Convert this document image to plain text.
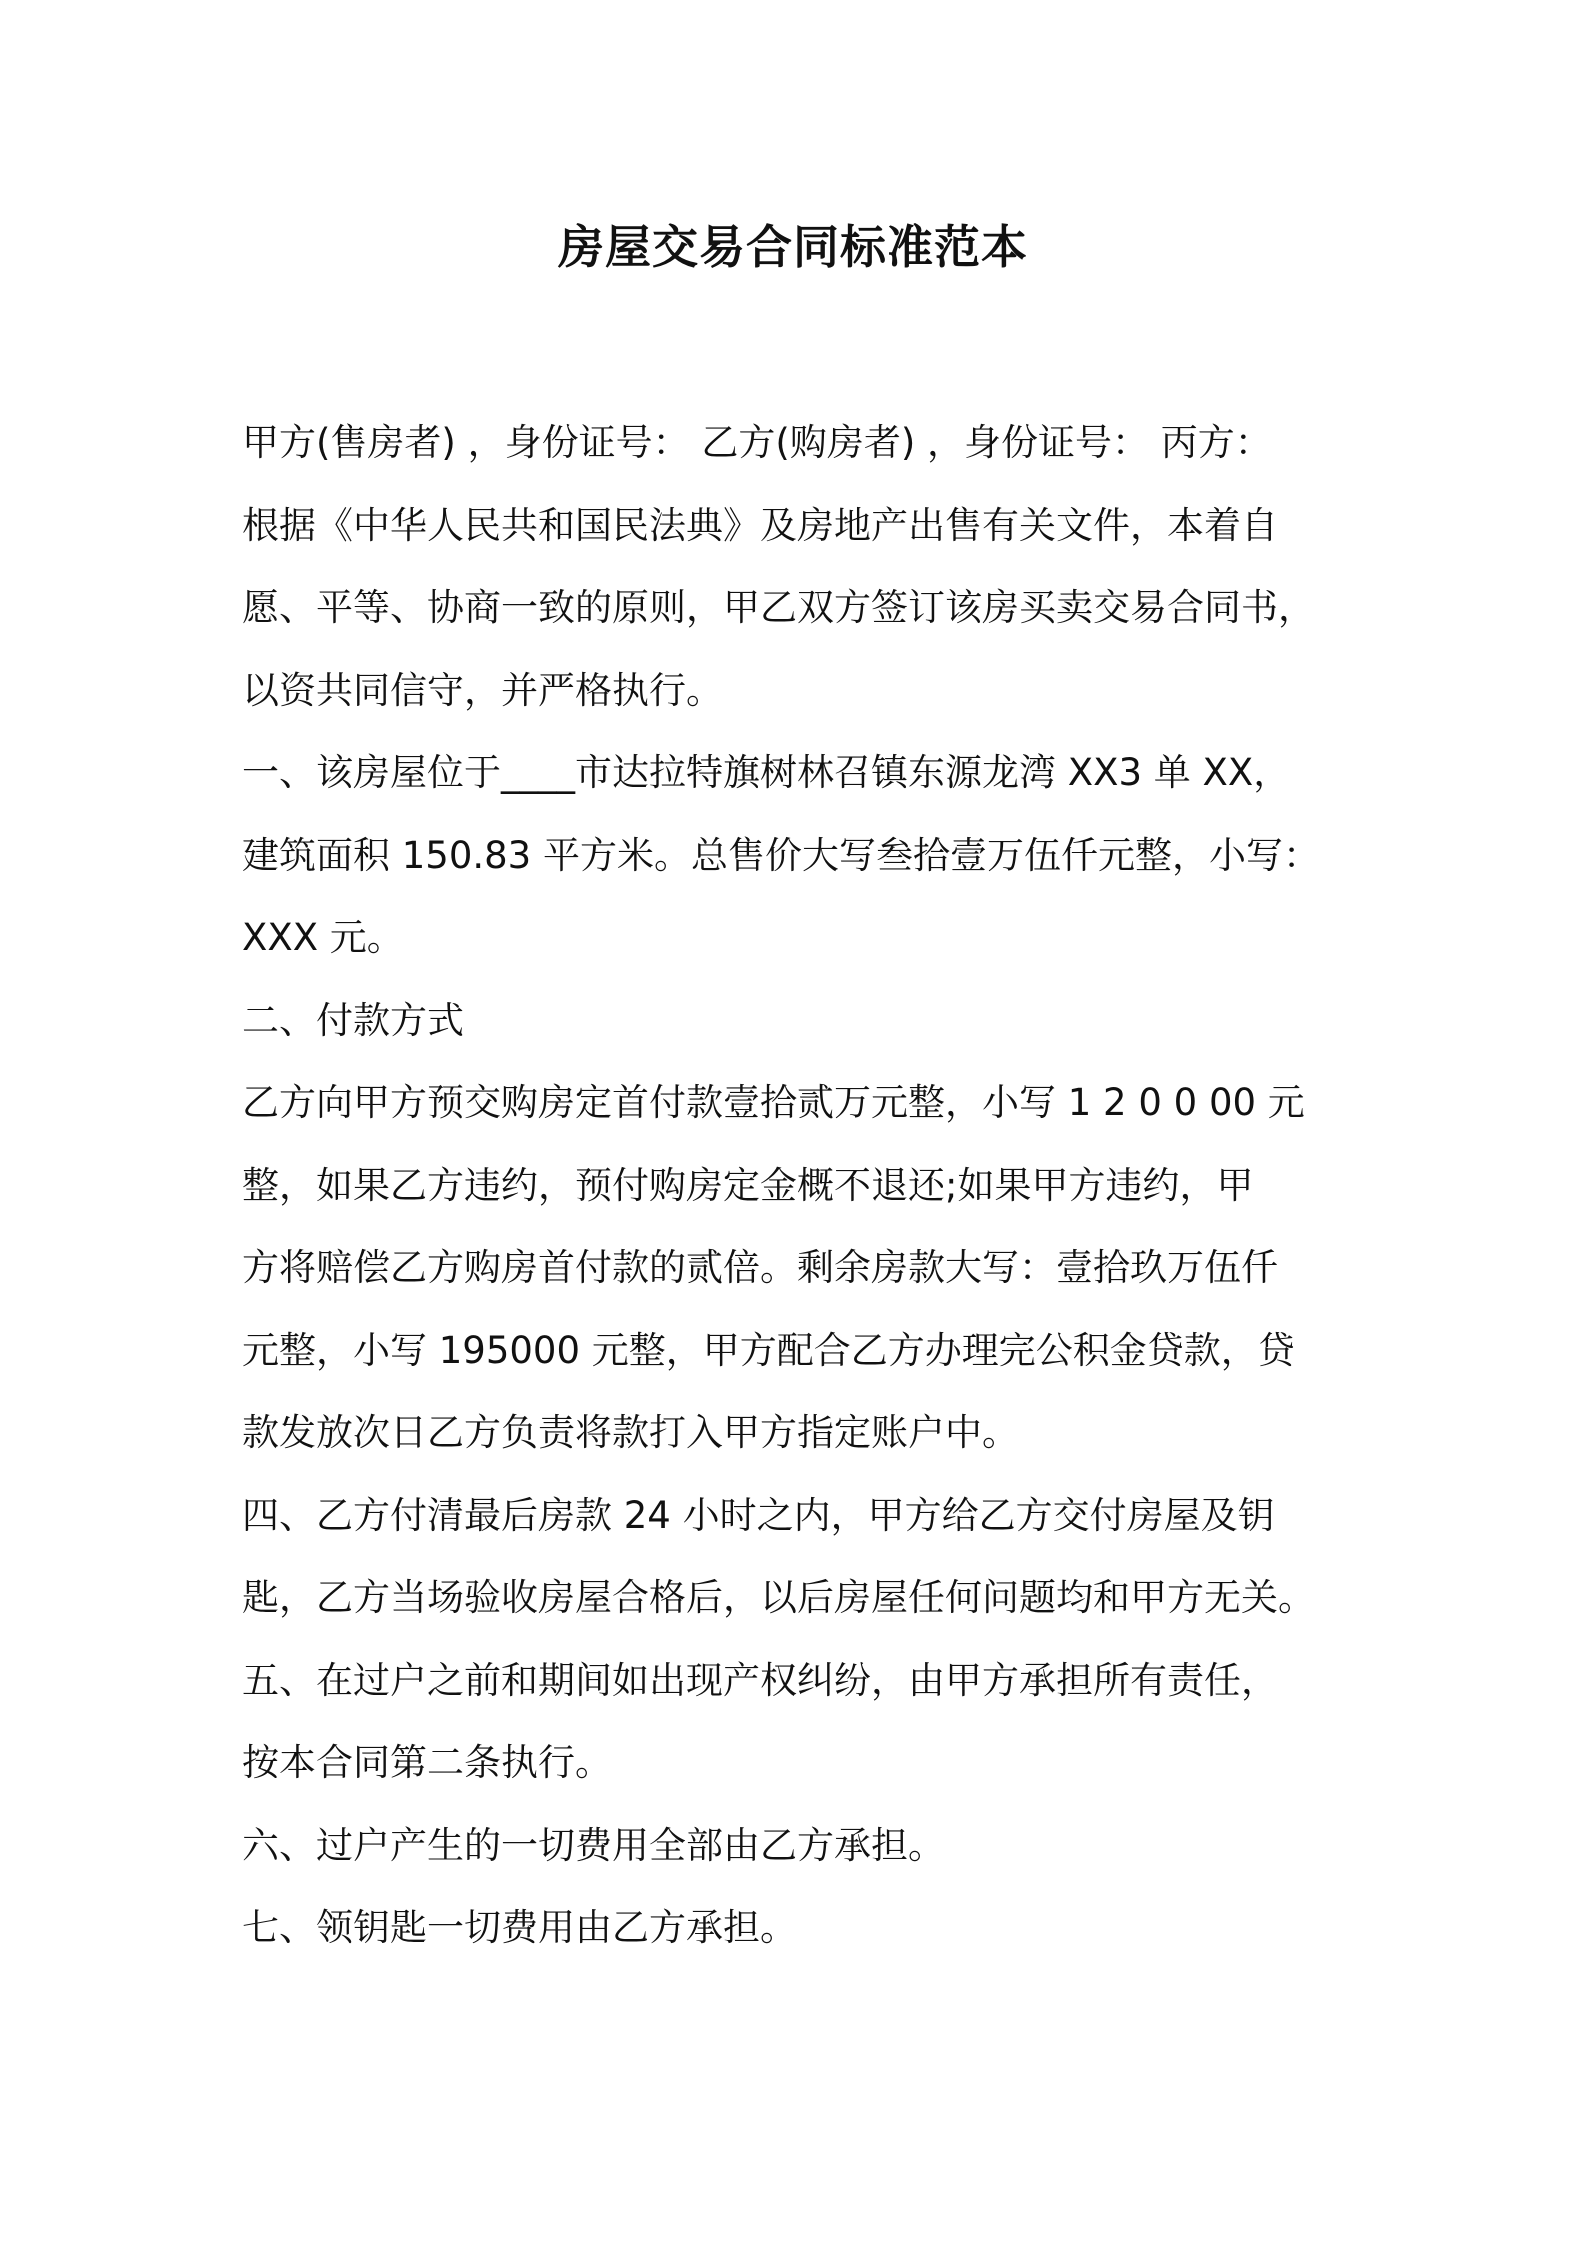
房屋交易合同标准范本
甲方(售房者) ，身份证号： 乙方(购房者) ，身份证号： 丙方：
根据《中华人民共和国民法典》及房地产出售有关文件，本着自
愿、平等、协商一致的原则，甲乙双方签订该房买卖交易合同书，
以资共同信守，并严格执行。
一、该房屋位于____市达拉特旗树林召镇东源龙湾 XX3 单 XX，
建筑面积 150.83 平方米。总售价大写叁拾壹万伍仟元整，小写：
XXX 元。
二、付款方式
乙方向甲方预交购房定首付款壹拾贰万元整，小写 1 2 0 0 00 元
整，如果乙方违约，预付购房定金概不退还;如果甲方违约，甲
方将赔偿乙方购房首付款的贰倍。剩余房款大写：壹拾玖万伍仟
元整，小写 195000 元整，甲方配合乙方办理完公积金贷款，贷
款发放次日乙方负责将款打入甲方指定账户中。
四、乙方付清最后房款 24 小时之内，甲方给乙方交付房屋及钥
匙，乙方当场验收房屋合格后，以后房屋任何问题均和甲方无关。
五、在过户之前和期间如出现产权纠纷，由甲方承担所有责任，
按本合同第二条执行。
六、过户产生的一切费用全部由乙方承担。
七、领钥匙一切费用由乙方承担。
